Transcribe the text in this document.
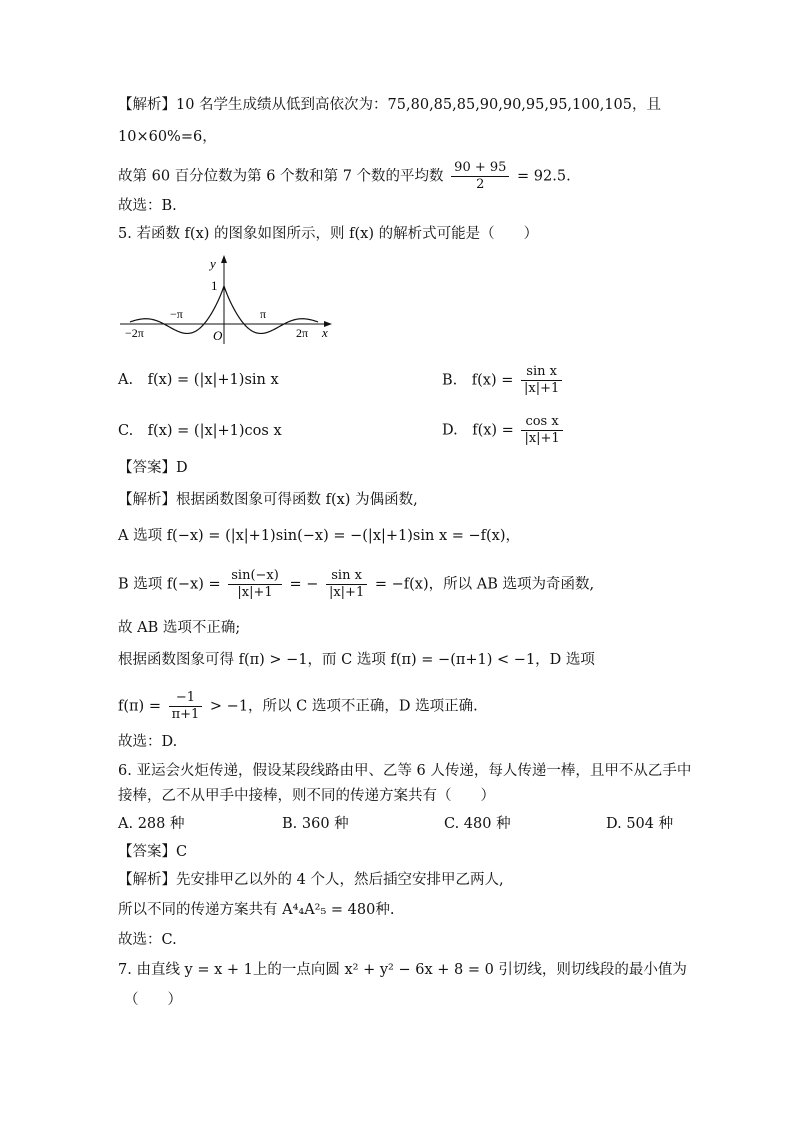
【解析】10 名学生成绩从低到高依次为：75,80,85,85,90,90,95,95,100,105，且
10×60%=6，
故第 60 百分位数为第 6 个数和第 7 个数的平均数 $\frac{90 + 95}{2} = 92.5$.
故选：B.
5. 若函数 f(x) 的图象如图所示，则 f(x) 的解析式可能是（　　）
1
y
x
O
−π	π
−2π	2π
A.　f(x) = (|x|+1)sin x	B.　$f(x) = \frac{\text{sin x}}{|x|+1}$
C.　f(x) = (|x|+1)cos x	D.　$f(x) = \frac{\text{cos x}}{|x|+1}$
【答案】D
【解析】根据函数图象可得函数 f(x) 为偶函数,
A 选项 f(−x) = (|x|+1)sin(−x) = −(|x|+1)sin x = −f(x)，
B 选项 $f(-x) = \frac{\sin(-x)}{|x|+1}$ = − $\frac{\text{sin x}}{|x|+1} = -f(x)$，所以 AB 选项为奇函数,
故 AB 选项不正确;
根据函数图象可得 f(π) > −1，而 C 选项 f(π) = −(π+1) < −1，D 选项
$f(\pi) = \frac{-1}{\pi+1} > -1$，所以 C 选项不正确，D 选项正确.
故选：D.
6. 亚运会火炬传递，假设某段线路由甲、乙等 6 人传递，每人传递一棒，且甲不从乙手中
接棒，乙不从甲手中接棒，则不同的传递方案共有（　　）
A. 288 种	B. 360 种	C. 480 种	D. 504 种
【答案】C
【解析】先安排甲乙以外的 4 个人，然后插空安排甲乙两人,
所以不同的传递方案共有 A⁴₄A²₅ = 480种.
故选：C.
7. 由直线 y = x + 1上的一点向圆 x² + y² − 6x + 8 = 0 引切线，则切线段的最小值为
（　　）
